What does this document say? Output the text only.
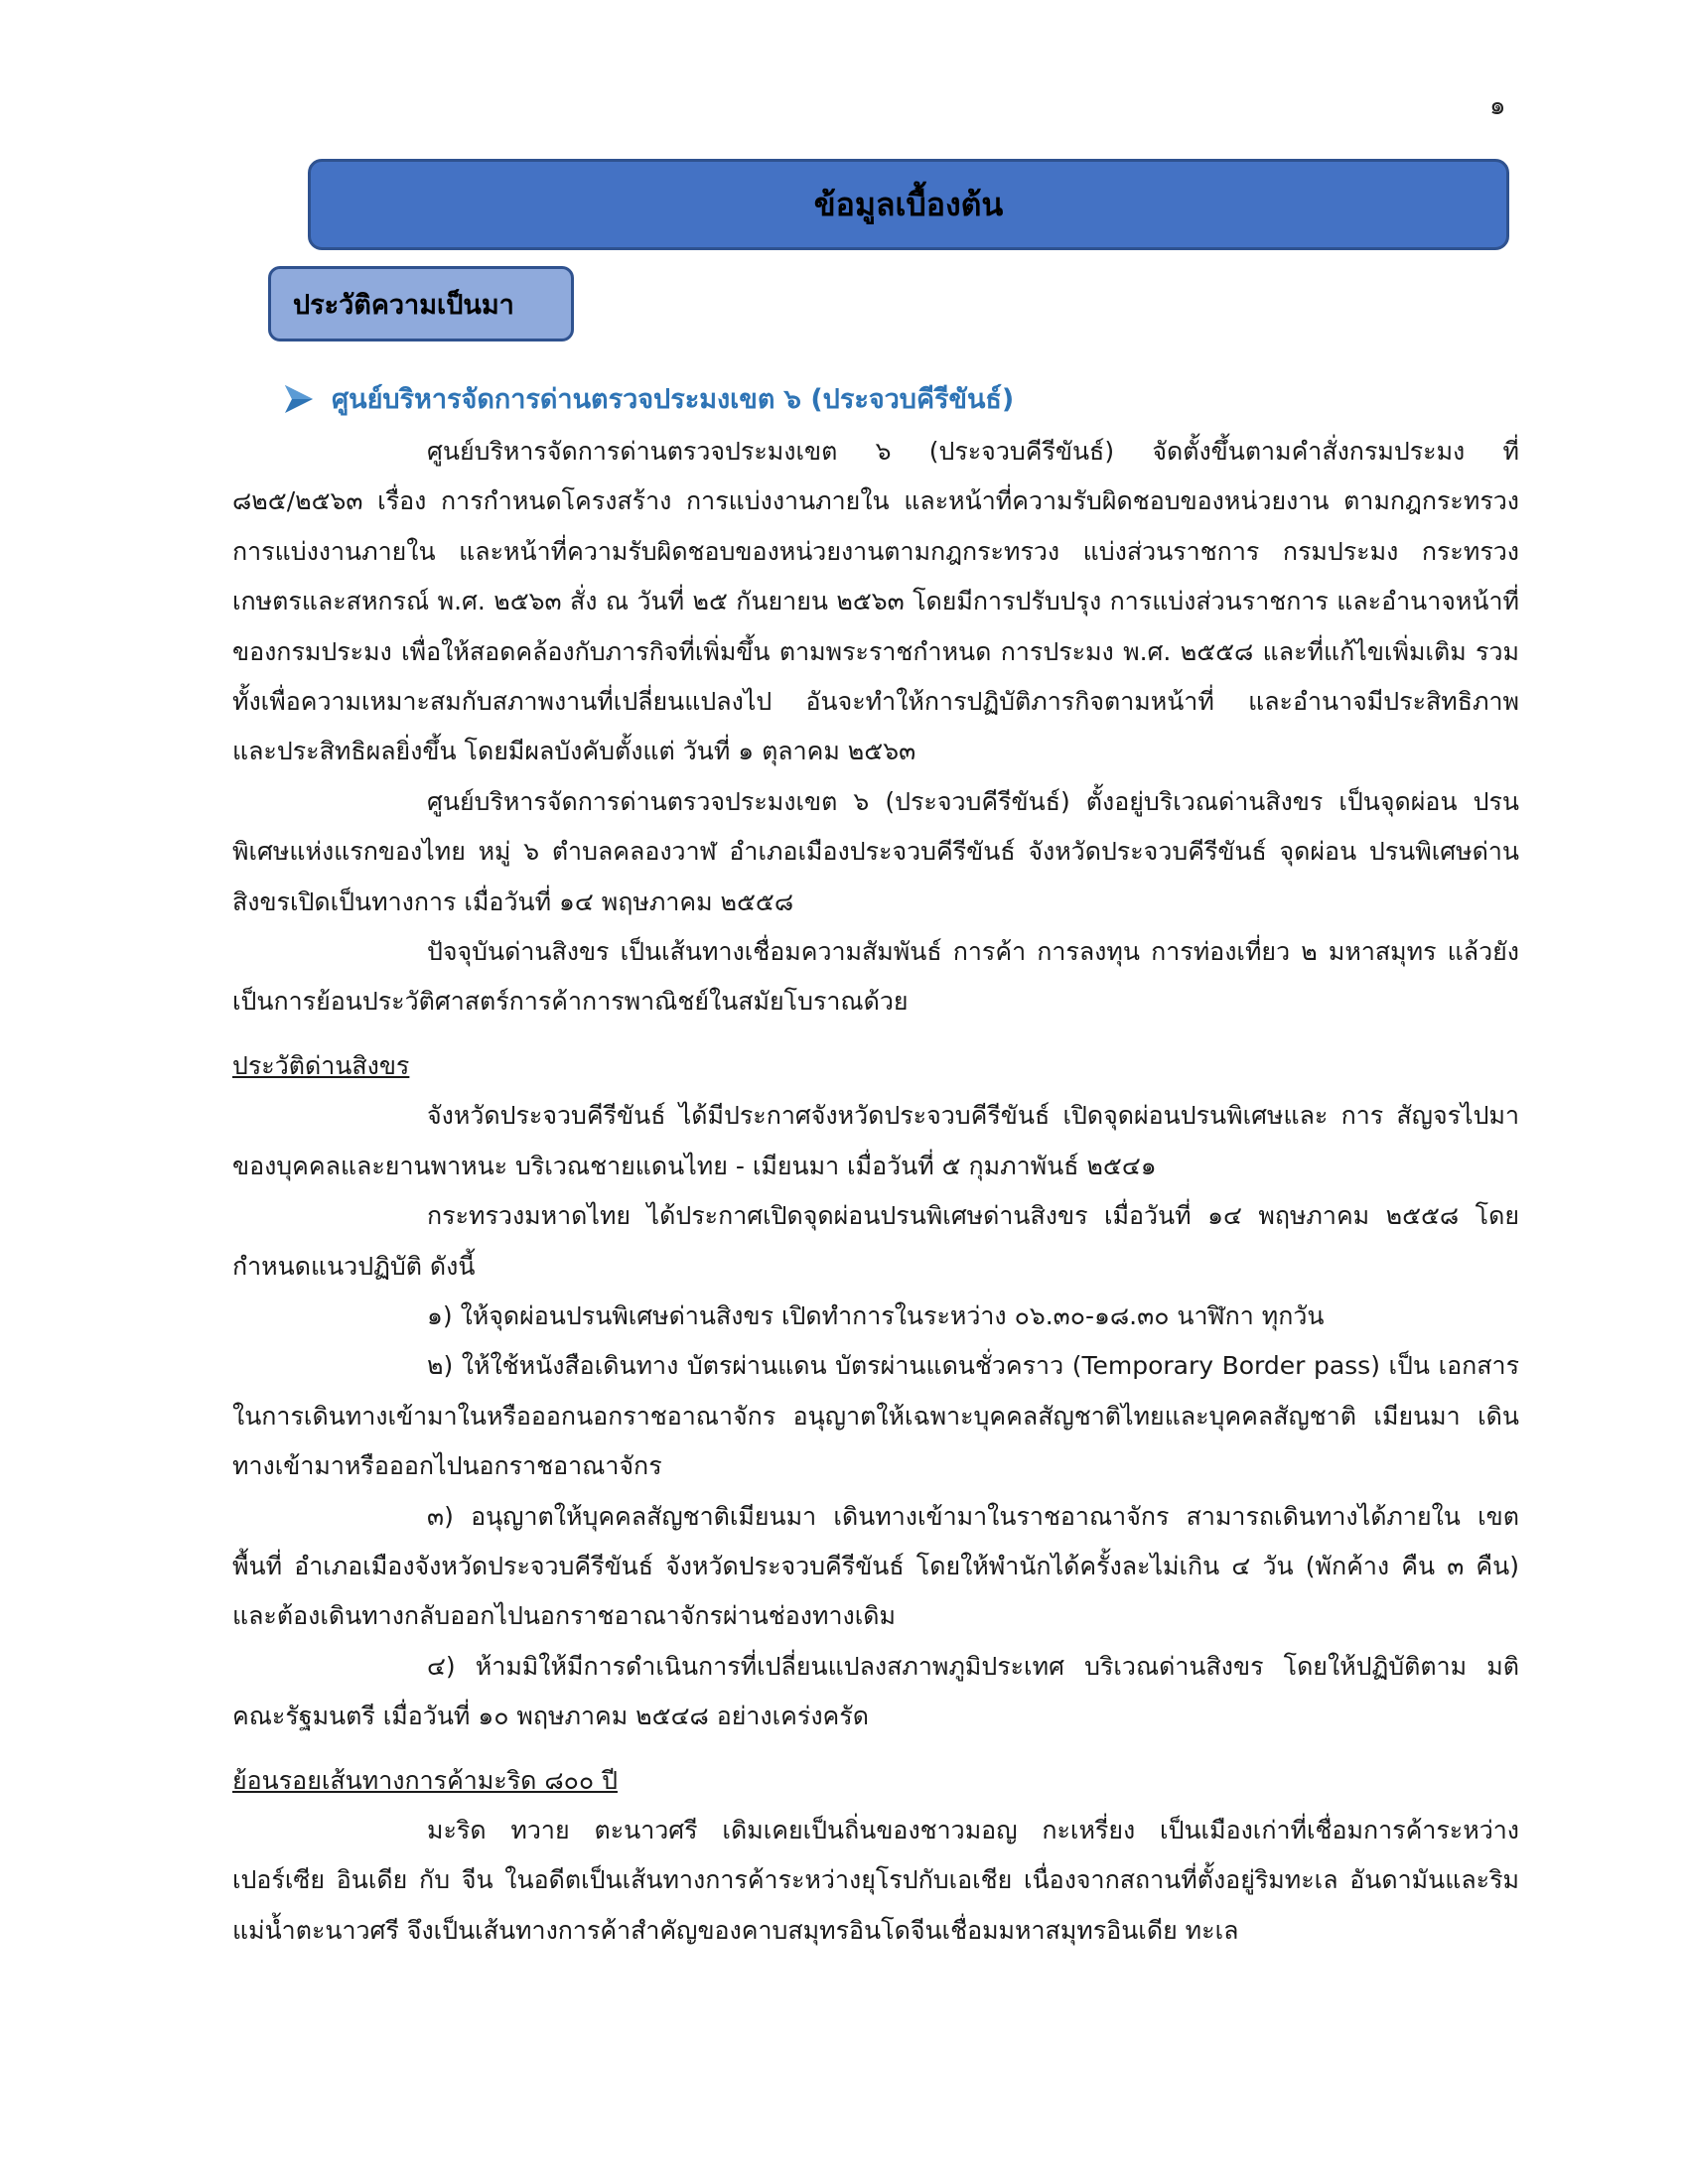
๑
ข้อมูลเบื้องต้น
ประวัติความเป็นมา
ศูนย์บริหารจัดการด่านตรวจประมงเขต ๖ (ประจวบคีรีขันธ์)

ศูนย์บริหารจัดการด่านตรวจประมงเขต ๖ (ประจวบคีรีขันธ์) จัดตั้งขึ้นตามคำสั่งกรมประมง ที่ ๘๒๕/๒๕๖๓ เรื่อง การกำหนดโครงสร้าง การแบ่งงานภายใน และหน้าที่ความรับผิดชอบของหน่วยงาน ตามกฎกระทรวง การแบ่งงานภายใน และหน้าที่ความรับผิดชอบของหน่วยงานตามกฎกระทรวง แบ่งส่วนราชการ กรมประมง กระทรวงเกษตรและสหกรณ์ พ.ศ. ๒๕๖๓ สั่ง ณ วันที่ ๒๕ กันยายน ๒๕๖๓ โดยมีการปรับปรุง การแบ่งส่วนราชการ และอำนาจหน้าที่ของกรมประมง เพื่อให้สอดคล้องกับภารกิจที่เพิ่มขึ้น ตามพระราชกำหนด การประมง พ.ศ. ๒๕๕๘ และที่แก้ไขเพิ่มเติม รวมทั้งเพื่อความเหมาะสมกับสภาพงานที่เปลี่ยนแปลงไป อันจะทำให้การปฏิบัติภารกิจตามหน้าที่ และอำนาจมีประสิทธิภาพ และประสิทธิผลยิ่งขึ้น โดยมีผลบังคับตั้งแต่ วันที่ ๑ ตุลาคม ๒๕๖๓

ศูนย์บริหารจัดการด่านตรวจประมงเขต ๖ (ประจวบคีรีขันธ์) ตั้งอยู่บริเวณด่านสิงขร เป็นจุดผ่อน ปรนพิเศษแห่งแรกของไทย หมู่ ๖ ตำบลคลองวาฬ อำเภอเมืองประจวบคีรีขันธ์ จังหวัดประจวบคีรีขันธ์ จุดผ่อน ปรนพิเศษด่านสิงขรเปิดเป็นทางการ เมื่อวันที่ ๑๔ พฤษภาคม ๒๕๕๘

ปัจจุบันด่านสิงขร เป็นเส้นทางเชื่อมความสัมพันธ์ การค้า การลงทุน การท่องเที่ยว ๒ มหาสมุทร แล้วยังเป็นการย้อนประวัติศาสตร์การค้าการพาณิชย์ในสมัยโบราณด้วย

ประวัติด่านสิงขร

จังหวัดประจวบคีรีขันธ์ ได้มีประกาศจังหวัดประจวบคีรีขันธ์ เปิดจุดผ่อนปรนพิเศษและ การ สัญจรไปมาของบุคคลและยานพาหนะ บริเวณชายแดนไทย - เมียนมา เมื่อวันที่ ๕ กุมภาพันธ์ ๒๕๔๑

กระทรวงมหาดไทย ได้ประกาศเปิดจุดผ่อนปรนพิเศษด่านสิงขร เมื่อวันที่ ๑๔ พฤษภาคม ๒๕๕๘ โดยกำหนดแนวปฏิบัติ ดังนี้

๑) ให้จุดผ่อนปรนพิเศษด่านสิงขร เปิดทำการในระหว่าง ๐๖.๓๐-๑๘.๓๐ นาฬิกา ทุกวัน

๒) ให้ใช้หนังสือเดินทาง บัตรผ่านแดน บัตรผ่านแดนชั่วคราว (Temporary Border pass) เป็น เอกสารในการเดินทางเข้ามาในหรือออกนอกราชอาณาจักร อนุญาตให้เฉพาะบุคคลสัญชาติไทยและบุคคลสัญชาติ เมียนมา เดินทางเข้ามาหรือออกไปนอกราชอาณาจักร

๓) อนุญาตให้บุคคลสัญชาติเมียนมา เดินทางเข้ามาในราชอาณาจักร สามารถเดินทางได้ภายใน เขตพื้นที่ อำเภอเมืองจังหวัดประจวบคีรีขันธ์ จังหวัดประจวบคีรีขันธ์ โดยให้พำนักได้ครั้งละไม่เกิน ๔ วัน (พักค้าง คืน ๓ คืน) และต้องเดินทางกลับออกไปนอกราชอาณาจักรผ่านช่องทางเดิม

๔) ห้ามมิให้มีการดำเนินการที่เปลี่ยนแปลงสภาพภูมิประเทศ บริเวณด่านสิงขร โดยให้ปฏิบัติตาม มติคณะรัฐมนตรี เมื่อวันที่ ๑๐ พฤษภาคม ๒๕๔๘ อย่างเคร่งครัด

ย้อนรอยเส้นทางการค้ามะริด ๘๐๐ ปี

มะริด ทวาย ตะนาวศรี เดิมเคยเป็นถิ่นของชาวมอญ กะเหรี่ยง เป็นเมืองเก่าที่เชื่อมการค้าระหว่าง เปอร์เซีย อินเดีย กับ จีน ในอดีตเป็นเส้นทางการค้าระหว่างยุโรปกับเอเชีย เนื่องจากสถานที่ตั้งอยู่ริมทะเล อันดามันและริมแม่น้ำตะนาวศรี จึงเป็นเส้นทางการค้าสำคัญของคาบสมุทรอินโดจีนเชื่อมมหาสมุทรอินเดีย ทะเล
